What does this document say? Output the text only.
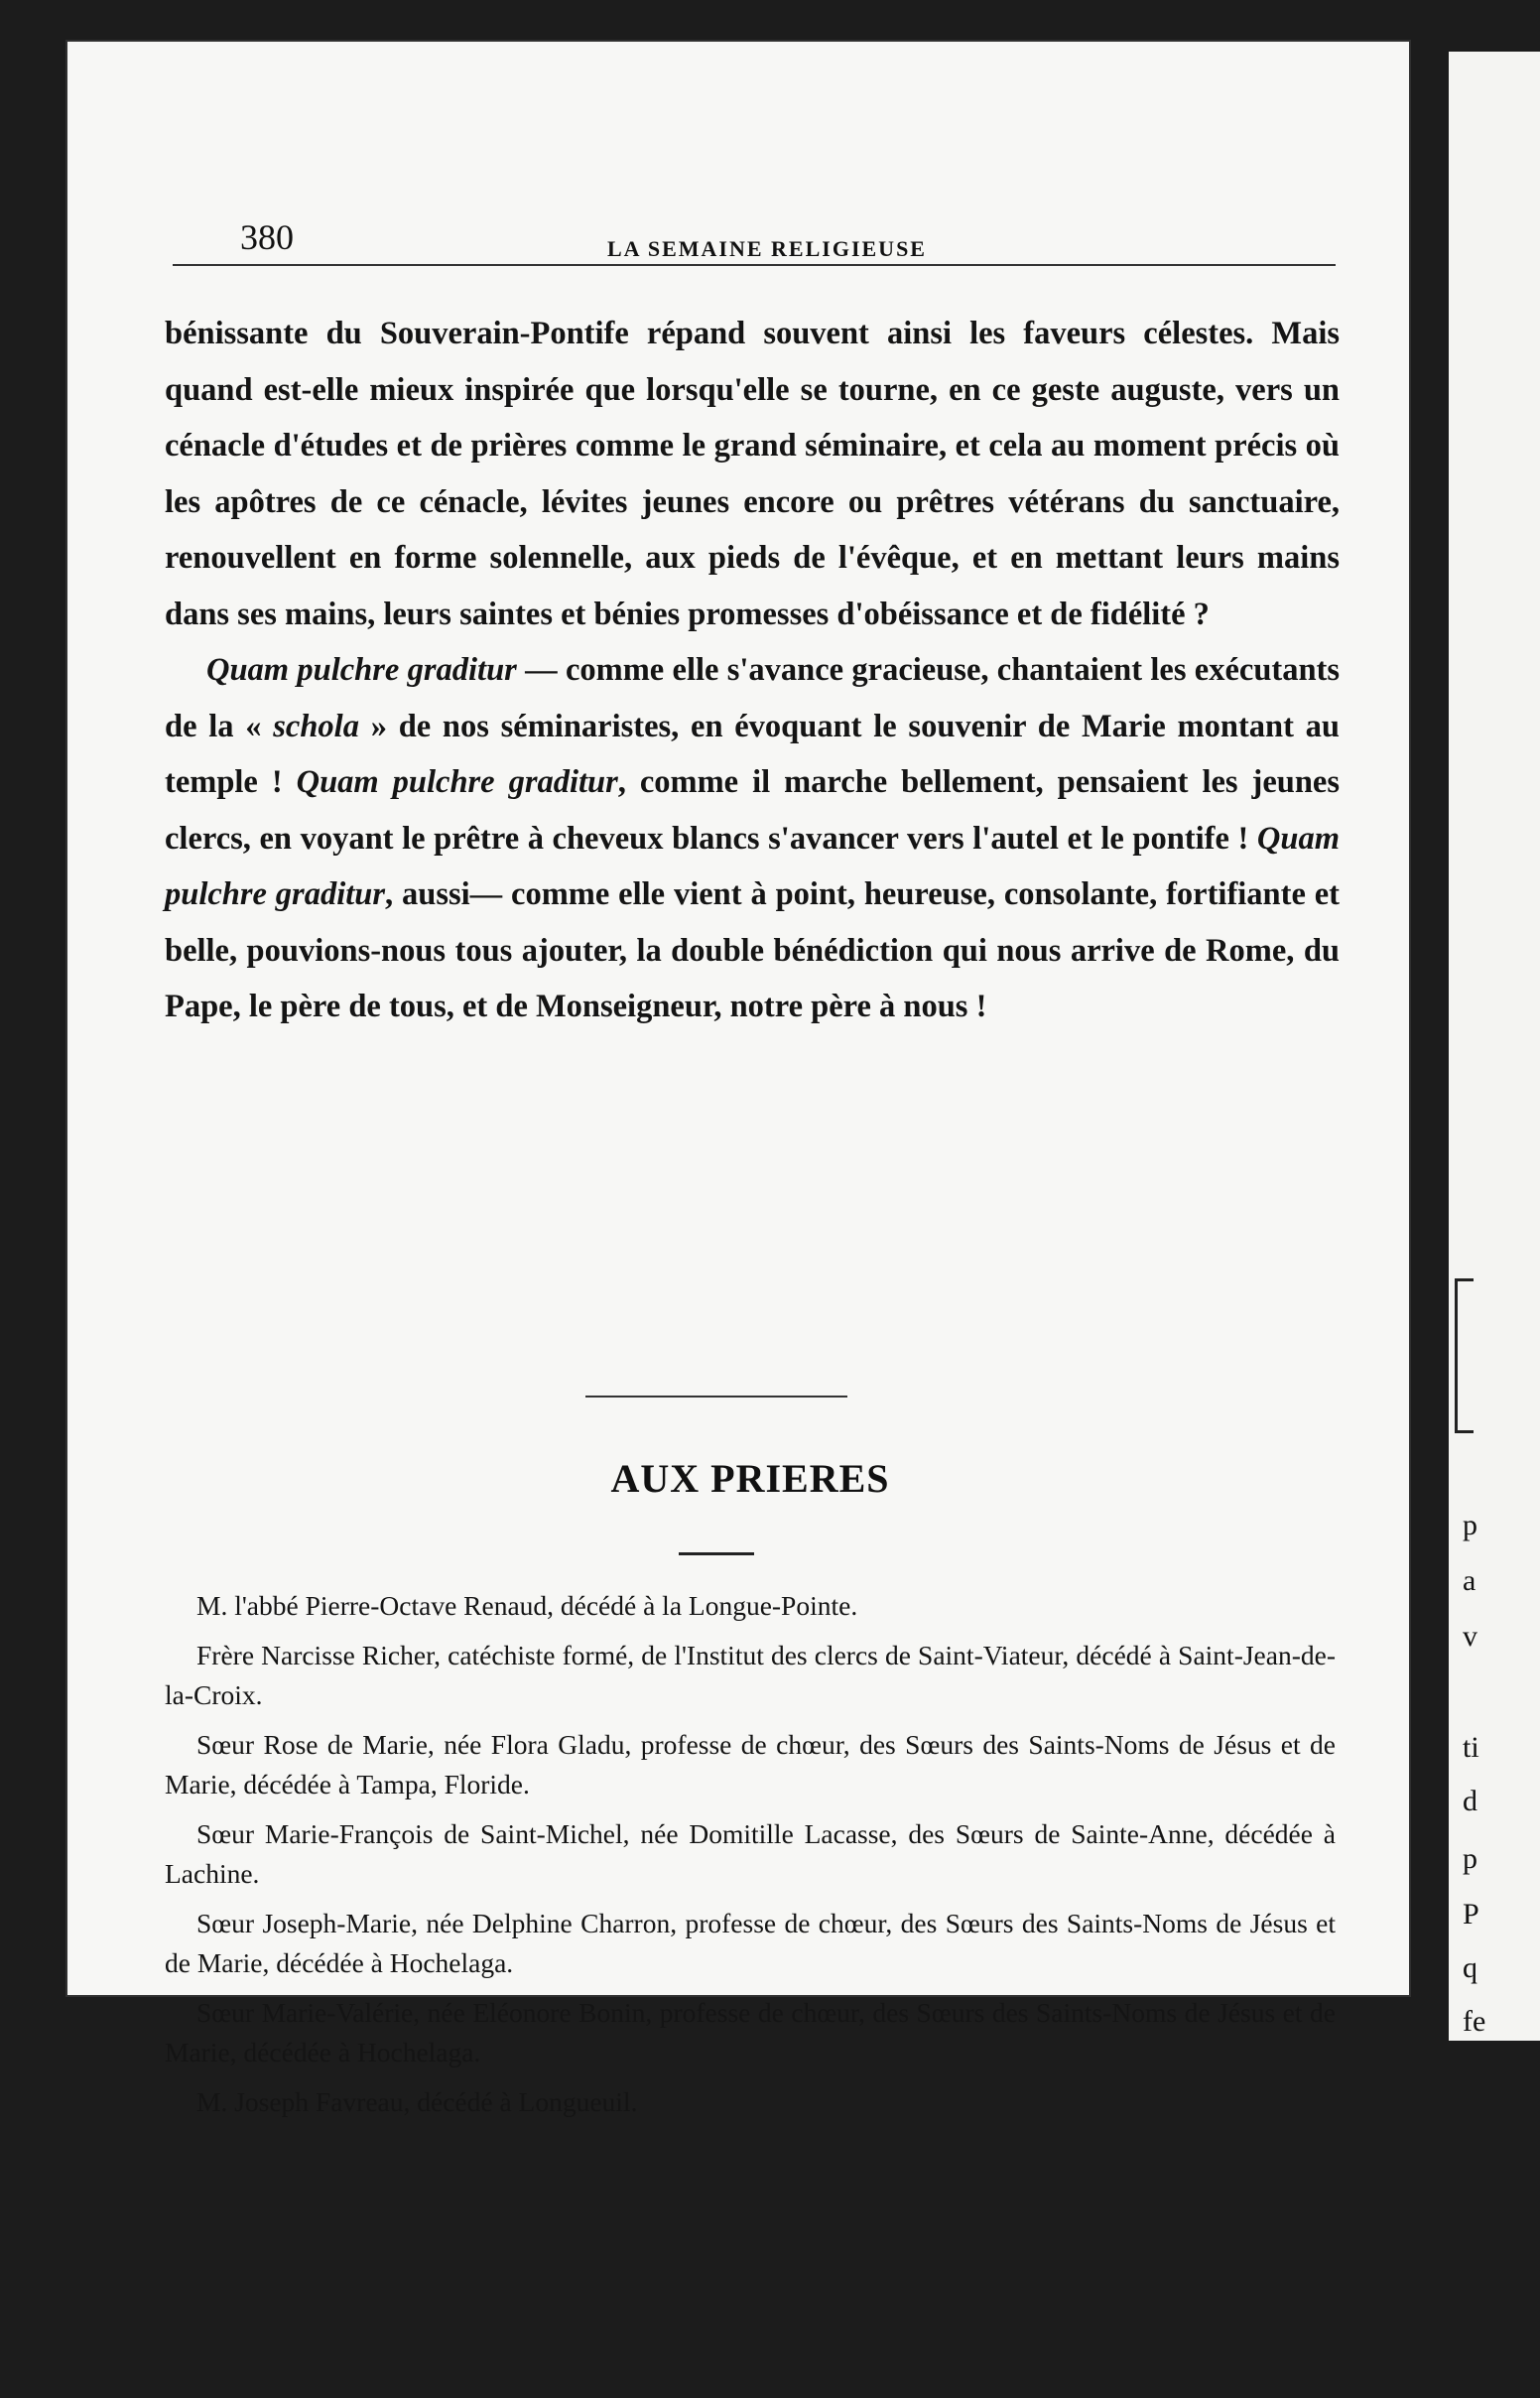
380	LA SEMAINE RELIGIEUSE

bénissante du Souverain-Pontife répand souvent ainsi les faveurs célestes. Mais quand est-elle mieux inspirée que lorsqu'elle se tourne, en ce geste auguste, vers un cénacle d'études et de prières comme le grand séminaire, et cela au moment précis où les apôtres de ce cénacle, lévites jeunes encore ou prêtres vétérans du sanctuaire, renouvellent en forme solennelle, aux pieds de l'évêque, et en mettant leurs mains dans ses mains, leurs saintes et bénies promesses d'obéissance et de fidélité ?

Quam pulchre graditur — comme elle s'avance gracieuse, chantaient les exécutants de la « schola » de nos séminaristes, en évoquant le souvenir de Marie montant au temple ! Quam pulchre graditur, comme il marche bellement, pensaient les jeunes clercs, en voyant le prêtre à cheveux blancs s'avancer vers l'autel et le pontife ! Quam pulchre graditur, aussi— comme elle vient à point, heureuse, consolante, fortifiante et belle, pouvions-nous tous ajouter, la double bénédiction qui nous arrive de Rome, du Pape, le père de tous, et de Monseigneur, notre père à nous !

AUX PRIERES

M. l'abbé Pierre-Octave Renaud, décédé à la Longue-Pointe.

Frère Narcisse Richer, catéchiste formé, de l'Institut des clercs de Saint-Viateur, décédé à Saint-Jean-de-la-Croix.

Sœur Rose de Marie, née Flora Gladu, professe de chœur, des Sœurs des Saints-Noms de Jésus et de Marie, décédée à Tampa, Floride.

Sœur Marie-François de Saint-Michel, née Domitille Lacasse, des Sœurs de Sainte-Anne, décédée à Lachine.

Sœur Joseph-Marie, née Delphine Charron, professe de chœur, des Sœurs des Saints-Noms de Jésus et de Marie, décédée à Hochelaga.

Sœur Marie-Valérie, née Eléonore Bonin, professe de chœur, des Sœurs des Saints-Noms de Jésus et de Marie, décédée à Hochelaga.

M. Joseph Favreau, décédé à Longueuil.

p
a
v
ti
d
p
P
q
fe
